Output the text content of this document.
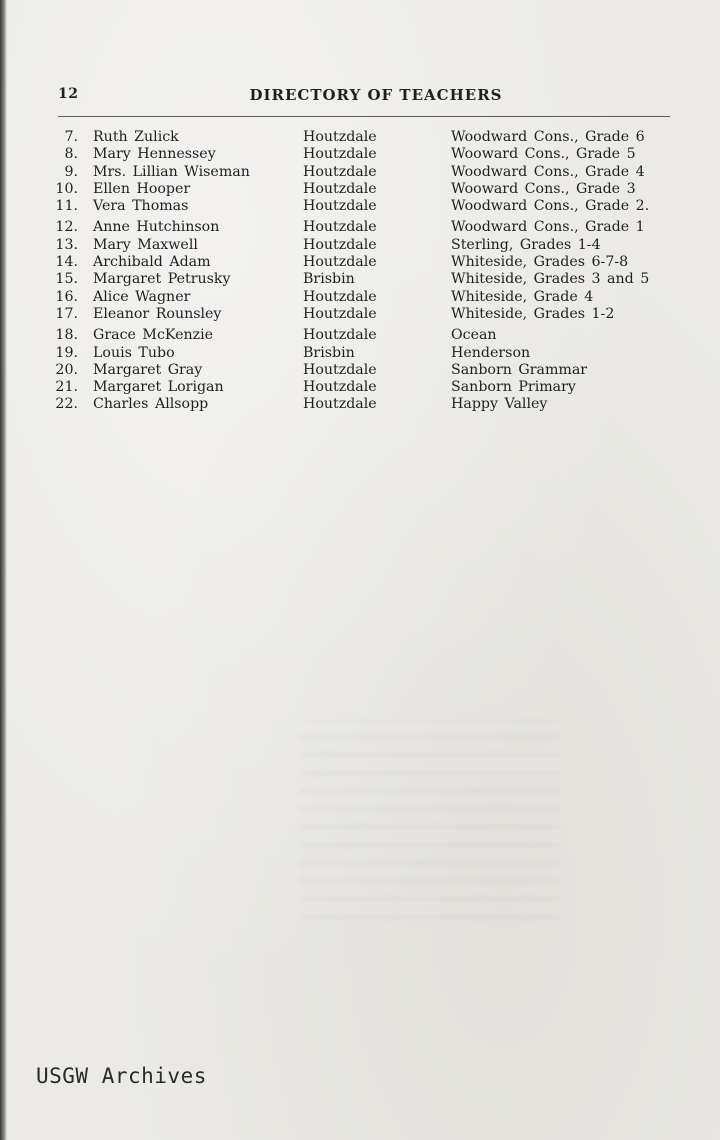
12	DIRECTORY OF TEACHERS
7. Ruth Zulick	Houtzdale	Woodward Cons., Grade 6
8. Mary Hennessey	Houtzdale	Wooward Cons., Grade 5
9. Mrs. Lillian Wiseman	Houtzdale	Woodward Cons., Grade 4
10. Ellen Hooper	Houtzdale	Wooward Cons., Grade 3
11. Vera Thomas	Houtzdale	Woodward Cons., Grade 2.
12. Anne Hutchinson	Houtzdale	Woodward Cons., Grade 1
13. Mary Maxwell	Houtzdale	Sterling, Grades 1-4
14. Archibald Adam	Houtzdale	Whiteside, Grades 6-7-8
15. Margaret Petrusky	Brisbin	Whiteside, Grades 3 and 5
16. Alice Wagner	Houtzdale	Whiteside, Grade 4
17. Eleanor Rounsley	Houtzdale	Whiteside, Grades 1-2
18. Grace McKenzie	Houtzdale	Ocean
19. Louis Tubo	Brisbin	Henderson
20. Margaret Gray	Houtzdale	Sanborn Grammar
21. Margaret Lorigan	Houtzdale	Sanborn Primary
22. Charles Allsopp	Houtzdale	Happy Valley
USGW Archives
